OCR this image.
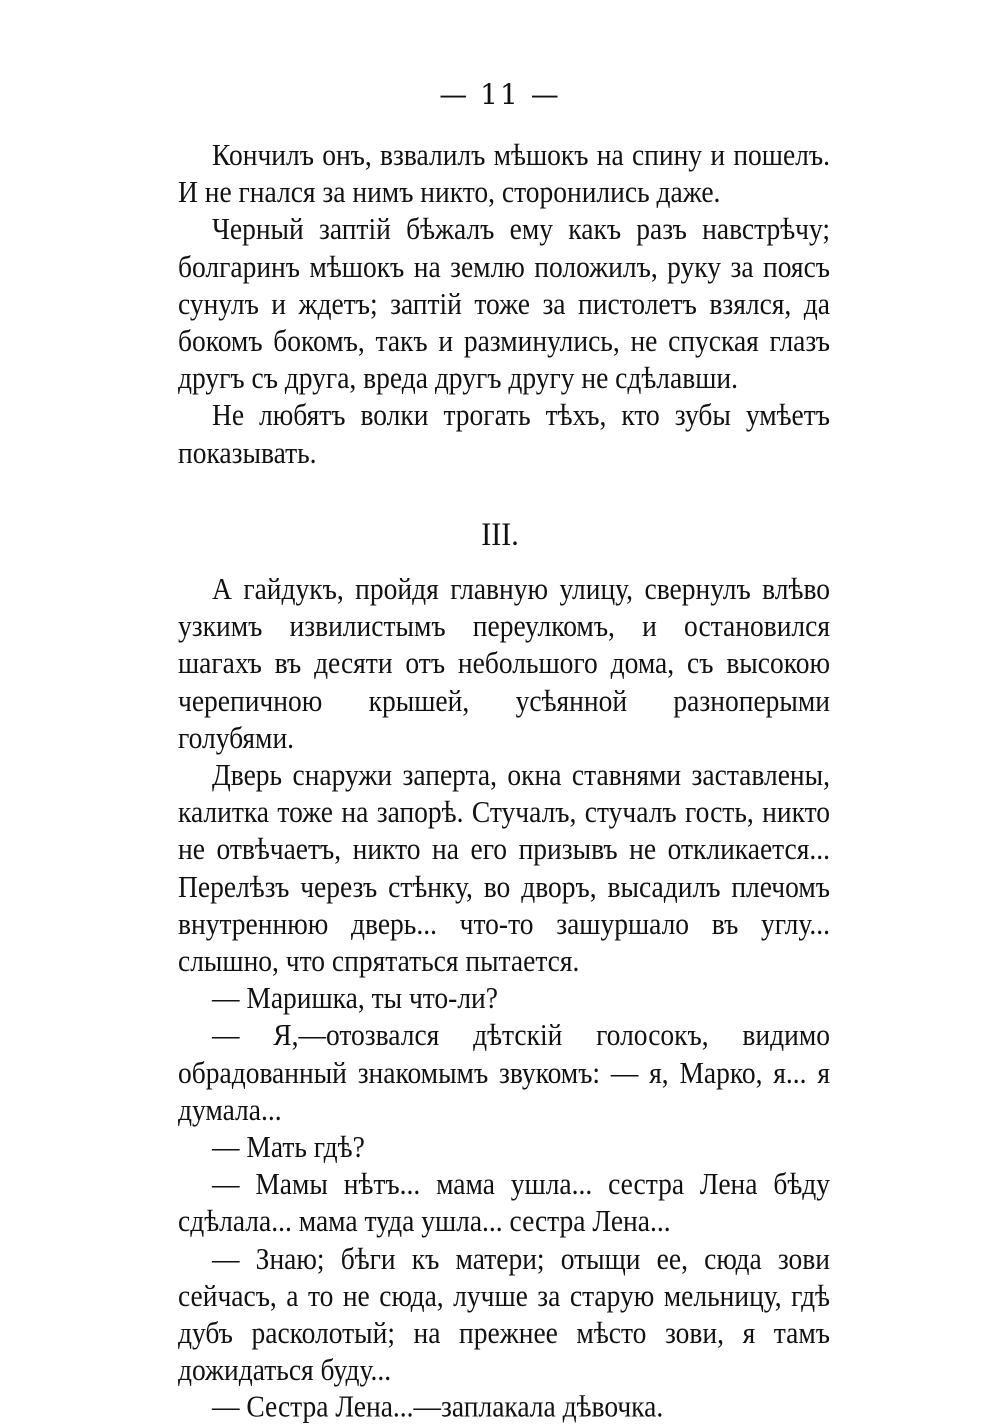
— 11 —

Кончилъ онъ, взвалилъ мѣшокъ на спину и пошелъ. И не гнался за нимъ никто, сторонились даже.

Черный заптій бѣжалъ ему какъ разъ навстрѣчу; болгаринъ мѣшокъ на землю положилъ, руку за поясъ сунулъ и ждетъ; заптій тоже за пистолетъ взялся, да бокомъ бокомъ, такъ и разминулись, не спуская глазъ другъ съ друга, вреда другъ другу не сдѣлавши.

Не любятъ волки трогать тѣхъ, кто зубы умѣетъ показывать.

III.

А гайдукъ, пройдя главную улицу, свернулъ влѣво узкимъ извилистымъ переулкомъ, и остановился шагахъ въ десяти отъ небольшого дома, съ высокою черепичною крышей, усѣянной разноперыми голубями.

Дверь снаружи заперта, окна ставнями заставлены, калитка тоже на запорѣ. Стучалъ, стучалъ гость, никто не отвѣчаетъ, никто на его призывъ не откликается... Перелѣзъ черезъ стѣнку, во дворъ, высадилъ плечомъ внутреннюю дверь... что-то зашуршало въ углу... слышно, что спрятаться пытается.

— Маришка, ты что-ли?

— Я,—отозвался дѣтскій голосокъ, видимо обрадованный знакомымъ звукомъ: — я, Марко, я... я думала...

— Мать гдѣ?

— Мамы нѣтъ... мама ушла... сестра Лена бѣду сдѣлала... мама туда ушла... сестра Лена...

— Знаю; бѣги къ матери; отыщи ее, сюда зови сейчасъ, а то не сюда, лучше за старую мельницу, гдѣ дубъ расколотый; на прежнее мѣсто зови, я тамъ дожидаться буду...

— Сестра Лена...—заплакала дѣвочка.
